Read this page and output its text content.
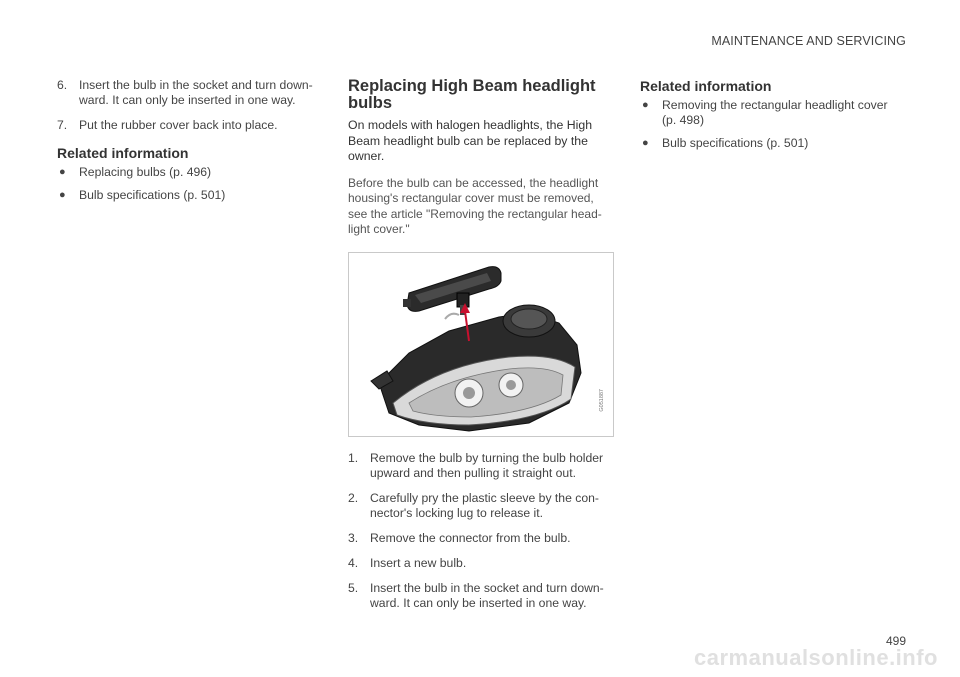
MAINTENANCE AND SERVICING
6. Insert the bulb in the socket and turn down- ward. It can only be inserted in one way.
7. Put the rubber cover back into place.
Related information
● Replacing bulbs (p. 496)
● Bulb specifications (p. 501)
Replacing High Beam headlight bulbs

On models with halogen headlights, the High Beam headlight bulb can be replaced by the owner.

Before the bulb can be accessed, the headlight housing's rectangular cover must be removed, see the article "Removing the rectangular head- light cover."

G051887
1. Remove the bulb by turning the bulb holder upward and then pulling it straight out.
2. Carefully pry the plastic sleeve by the con- nector's locking lug to release it.
3. Remove the connector from the bulb.
4. Insert a new bulb.
5. Insert the bulb in the socket and turn down- ward. It can only be inserted in one way.
Related information
● Removing the rectangular headlight cover (p. 498)
● Bulb specifications (p. 501)
499
carmanualsonline.info
